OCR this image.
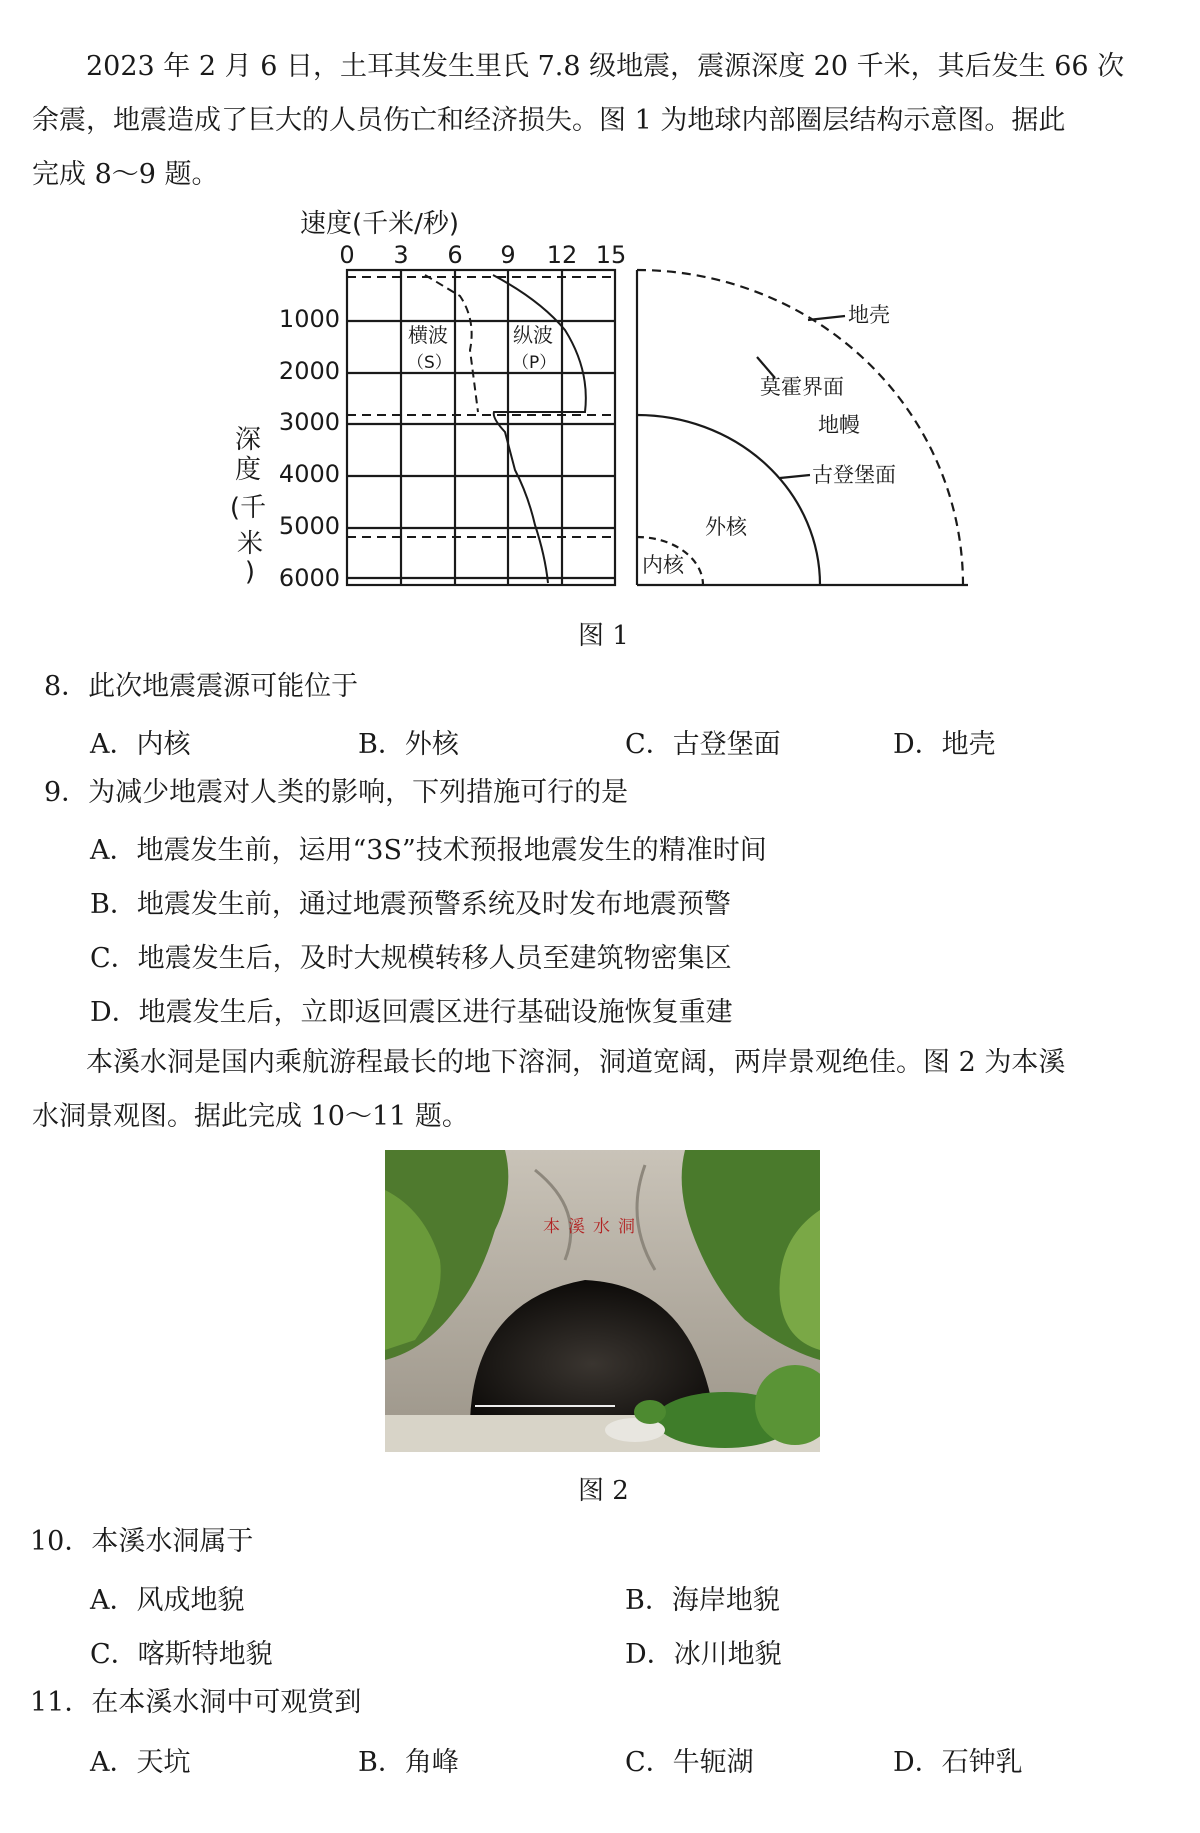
2023 年 2 月 6 日，土耳其发生里氏 7.8 级地震，震源深度 20 千米，其后发生 66 次
余震，地震造成了巨大的人员伤亡和经济损失。图 1 为地球内部圈层结构示意图。据此
完成 8～9 题。
速度(千米/秒)
0 3 6 9 12 15
1000
2000
3000
4000
5000
6000
深
度
(千
米
)
横波
（S）
纵波
（P）
地壳
莫霍界面
地幔
古登堡面
外核
内核
图 1
8．此次地震震源可能位于
A．内核	B．外核	C．古登堡面	D．地壳
9．为减少地震对人类的影响，下列措施可行的是
A．地震发生前，运用“3S”技术预报地震发生的精准时间
B．地震发生前，通过地震预警系统及时发布地震预警
C．地震发生后，及时大规模转移人员至建筑物密集区
D．地震发生后，立即返回震区进行基础设施恢复重建
本溪水洞是国内乘航游程最长的地下溶洞，洞道宽阔，两岸景观绝佳。图 2 为本溪
水洞景观图。据此完成 10～11 题。
本溪水洞
图 2
10．本溪水洞属于
A．风成地貌	B．海岸地貌
C．喀斯特地貌	D．冰川地貌
11．在本溪水洞中可观赏到
A．天坑	B．角峰	C．牛轭湖	D．石钟乳
